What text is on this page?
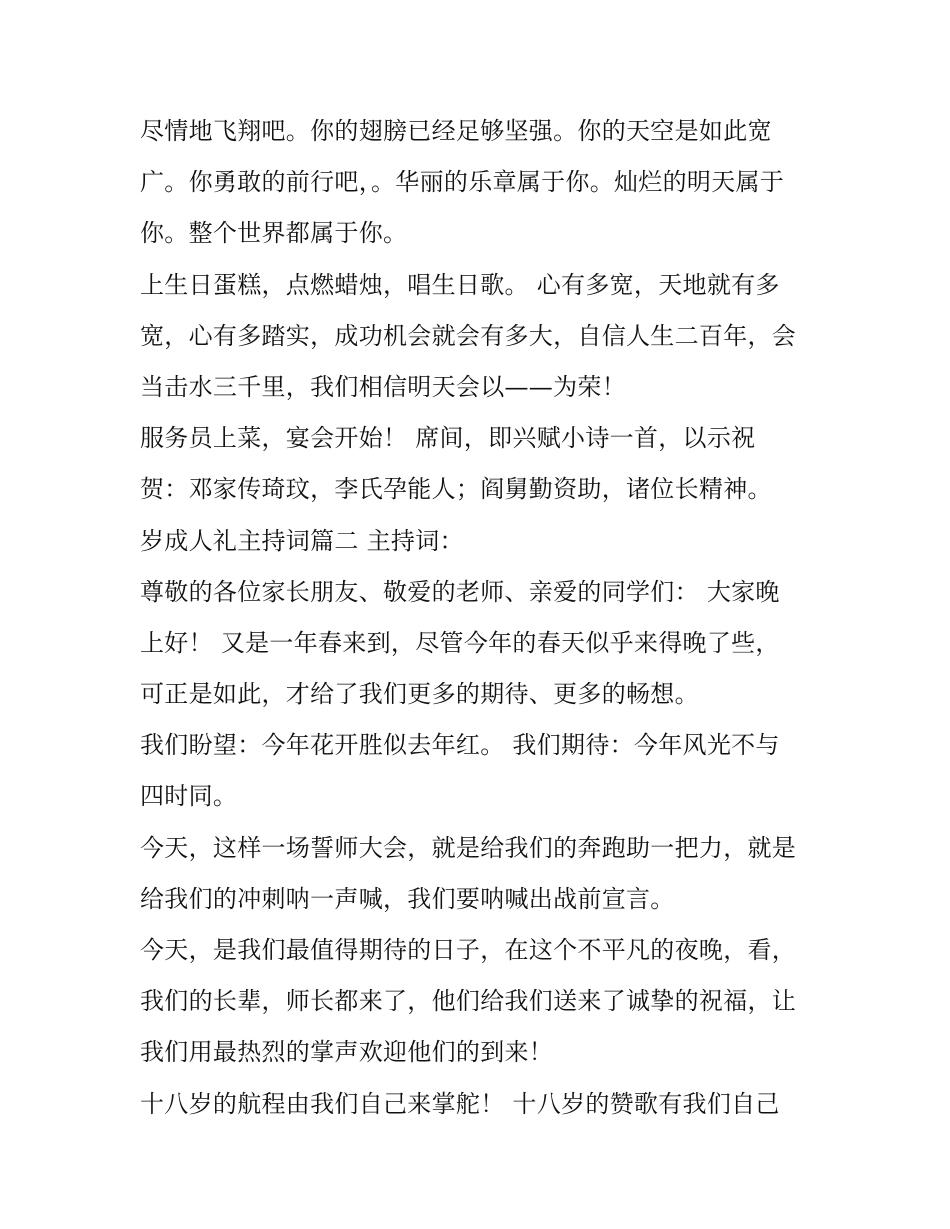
尽情地飞翔吧。你的翅膀已经足够坚强。你的天空是如此宽
广。你勇敢的前行吧，。华丽的乐章属于你。灿烂的明天属于
你。整个世界都属于你。
上生日蛋糕，点燃蜡烛，唱生日歌。 心有多宽，天地就有多
宽，心有多踏实，成功机会就会有多大，自信人生二百年，会
当击水三千里，我们相信明天会以——为荣！
服务员上菜，宴会开始！ 席间，即兴赋小诗一首，以示祝
贺：邓家传琦玟，李氏孕能人；阎舅勤资助，诸位长精神。
岁成人礼主持词篇二 主持词：
尊敬的各位家长朋友、敬爱的老师、亲爱的同学们： 大家晚
上好！ 又是一年春来到，尽管今年的春天似乎来得晚了些，
可正是如此，才给了我们更多的期待、更多的畅想。
我们盼望：今年花开胜似去年红。 我们期待：今年风光不与
四时同。
今天，这样一场誓师大会，就是给我们的奔跑助一把力，就是
给我们的冲刺呐一声喊，我们要呐喊出战前宣言。
今天，是我们最值得期待的日子，在这个不平凡的夜晚，看，
我们的长辈，师长都来了，他们给我们送来了诚挚的祝福，让
我们用最热烈的掌声欢迎他们的到来！
十八岁的航程由我们自己来掌舵！ 十八岁的赞歌有我们自己
